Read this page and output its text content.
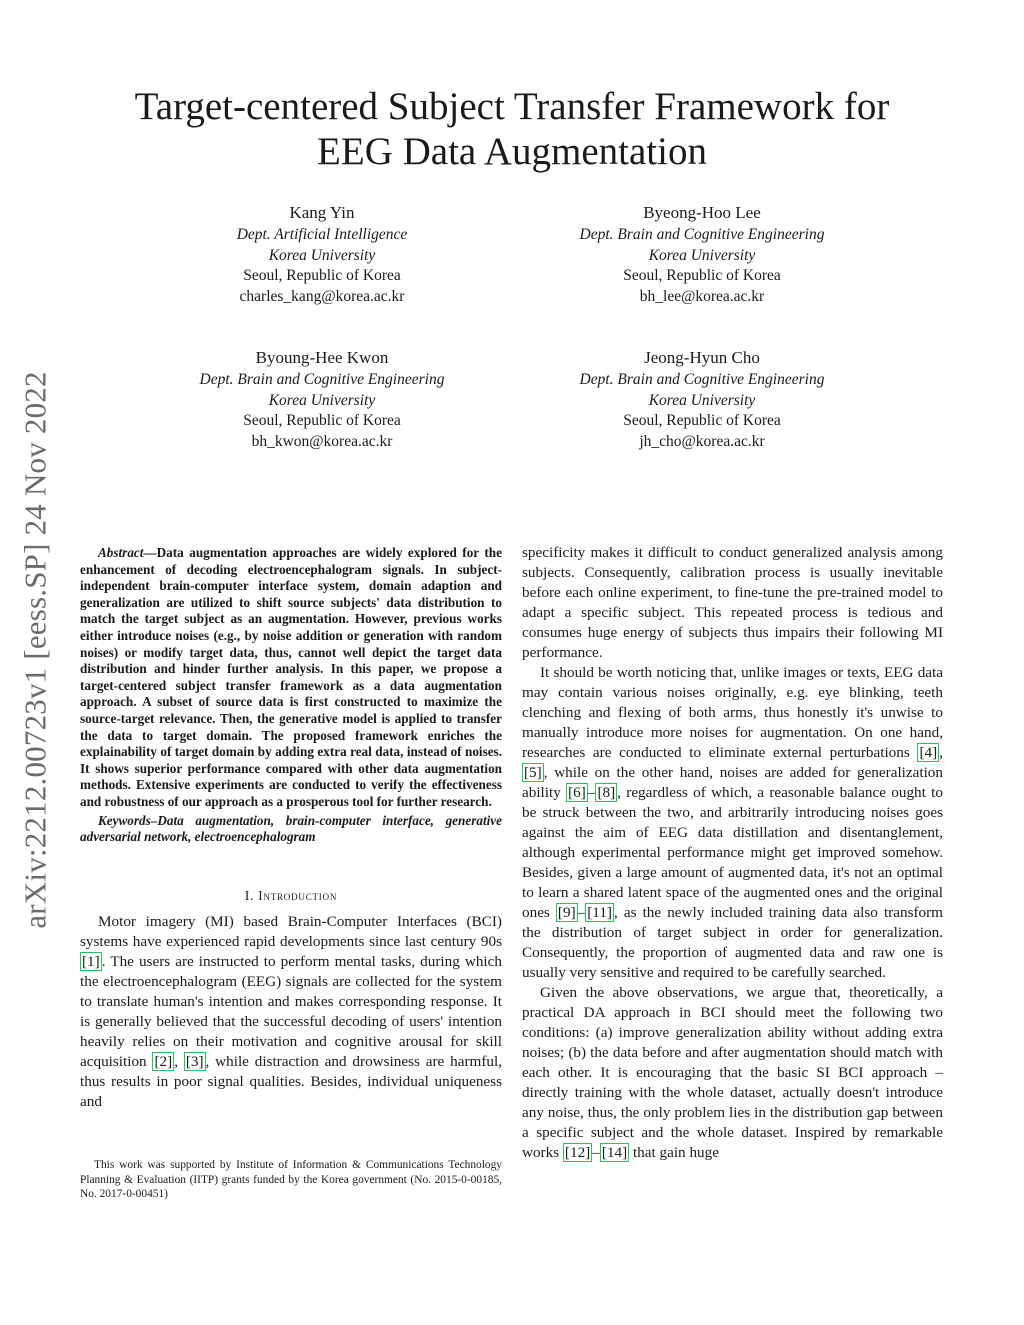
arXiv:2212.00723v1 [eess.SP] 24 Nov 2022
Target-centered Subject Transfer Framework for
EEG Data Augmentation
Kang Yin
Dept. Artificial Intelligence
Korea University
Seoul, Republic of Korea
charles_kang@korea.ac.kr
Byeong-Hoo Lee
Dept. Brain and Cognitive Engineering
Korea University
Seoul, Republic of Korea
bh_lee@korea.ac.kr
Byoung-Hee Kwon
Dept. Brain and Cognitive Engineering
Korea University
Seoul, Republic of Korea
bh_kwon@korea.ac.kr
Jeong-Hyun Cho
Dept. Brain and Cognitive Engineering
Korea University
Seoul, Republic of Korea
jh_cho@korea.ac.kr

Abstract—Data augmentation approaches are widely explored for the enhancement of decoding electroencephalogram signals. In subject-independent brain-computer interface system, domain adaption and generalization are utilized to shift source subjects' data distribution to match the target subject as an augmentation. However, previous works either introduce noises (e.g., by noise addition or generation with random noises) or modify target data, thus, cannot well depict the target data distribution and hinder further analysis. In this paper, we propose a target-centered subject transfer framework as a data augmentation approach. A subset of source data is first constructed to maximize the source-target relevance. Then, the generative model is applied to transfer the data to target domain. The proposed framework enriches the explainability of target domain by adding extra real data, instead of noises. It shows superior performance compared with other data augmentation methods. Extensive experiments are conducted to verify the effectiveness and robustness of our approach as a prosperous tool for further research.

Keywords–Data augmentation, brain-computer interface, generative adversarial network, electroencephalogram

I. Introduction

Motor imagery (MI) based Brain-Computer Interfaces (BCI) systems have experienced rapid developments since last century 90s [1] . The users are instructed to perform mental tasks, during which the electroencephalogram (EEG) signals are collected for the system to translate human's intention and makes corresponding response. It is generally believed that the successful decoding of users' intention heavily relies on their motivation and cognitive arousal for skill acquisition [2] , [3] , while distraction and drowsiness are harmful, thus results in poor signal qualities. Besides, individual uniqueness and

This work was supported by Institute of Information & Communications Technology Planning & Evaluation (IITP) grants funded by the Korea government (No. 2015-0-00185, No. 2017-0-00451)

specificity makes it difficult to conduct generalized analysis among subjects. Consequently, calibration process is usually inevitable before each online experiment, to fine-tune the pre-trained model to adapt a specific subject. This repeated process is tedious and consumes huge energy of subjects thus impairs their following MI performance.

It should be worth noticing that, unlike images or texts, EEG data may contain various noises originally, e.g. eye blinking, teeth clenching and flexing of both arms, thus honestly it's unwise to manually introduce more noises for augmentation. On one hand, researches are conducted to eliminate external perturbations [4] , [5] , while on the other hand, noises are added for generalization ability [6] – [8] , regardless of which, a reasonable balance ought to be struck between the two, and arbitrarily introducing noises goes against the aim of EEG data distillation and disentanglement, although experimental performance might get improved somehow. Besides, given a large amount of augmented data, it's not an optimal to learn a shared latent space of the augmented ones and the original ones [9] – [11] , as the newly included training data also transform the distribution of target subject in order for generalization. Consequently, the proportion of augmented data and raw one is usually very sensitive and required to be carefully searched.

Given the above observations, we argue that, theoretically, a practical DA approach in BCI should meet the following two conditions: (a) improve generalization ability without adding extra noises; (b) the data before and after augmentation should match with each other. It is encouraging that the basic SI BCI approach – directly training with the whole dataset, actually doesn't introduce any noise, thus, the only problem lies in the distribution gap between a specific subject and the whole dataset. Inspired by remarkable works [12] – [14] that gain huge
